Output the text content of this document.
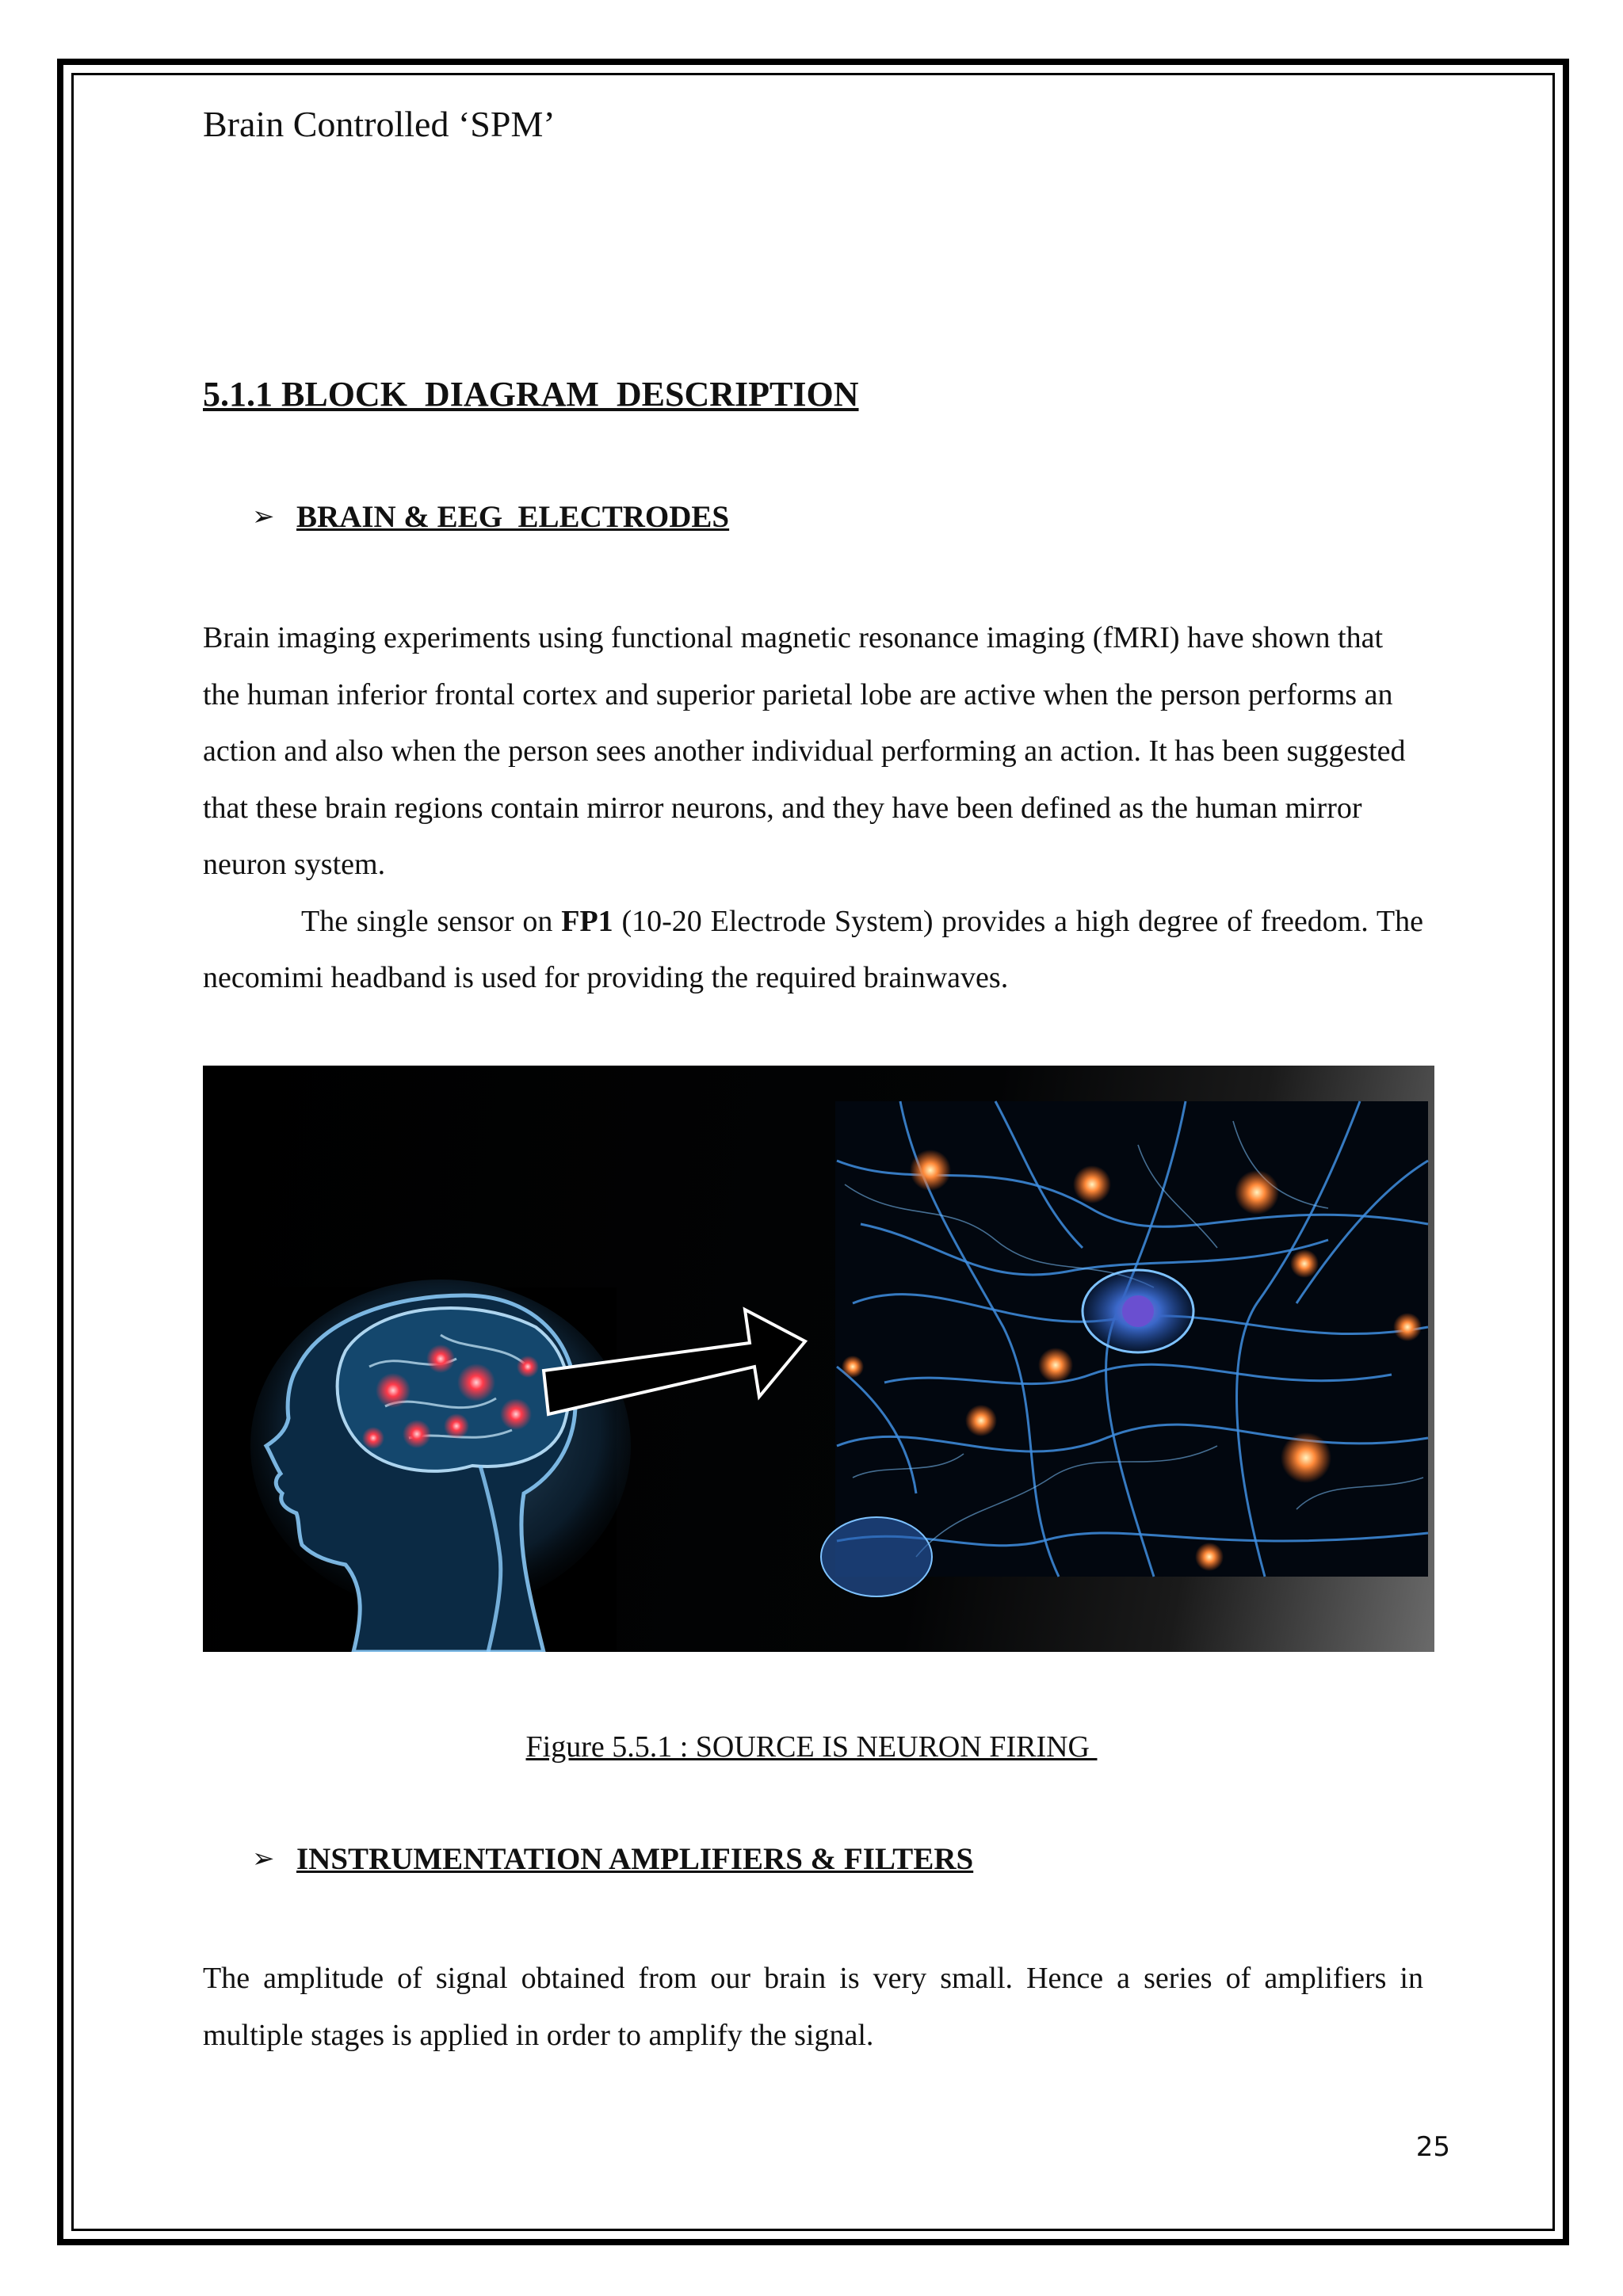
Brain Controlled ‘SPM’
5.1.1 BLOCK  DIAGRAM  DESCRIPTION
➢ BRAIN & EEG  ELECTRODES

Brain imaging experiments using functional magnetic resonance imaging (fMRI) have shown that the human inferior frontal cortex and superior parietal lobe are active when the person performs an action and also when the person sees another individual performing an action. It has been suggested that these brain regions contain mirror neurons, and they have been defined as the human mirror neuron system.

The single sensor on FP1 (10-20 Electrode System) provides a high degree of freedom. The necomimi headband is used for providing the required brainwaves.

Figure 5.5.1 : SOURCE IS NEURON FIRING
➢ INSTRUMENTATION AMPLIFIERS & FILTERS

The amplitude of signal obtained from our brain is very small. Hence a series of amplifiers in multiple stages is applied in order to amplify the signal.

25
